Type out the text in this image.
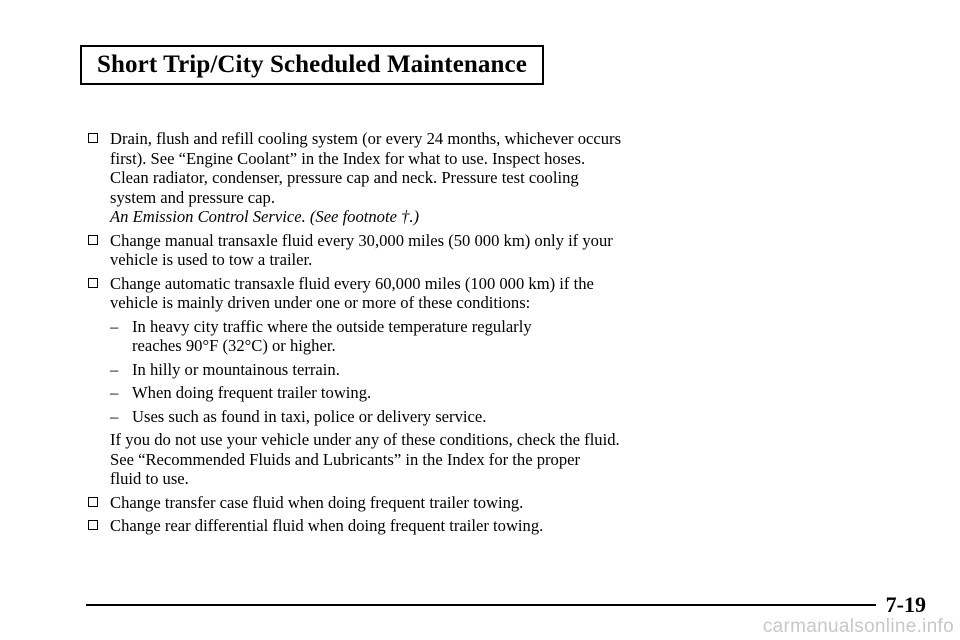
Short Trip/City Scheduled Maintenance
Drain, flush and refill cooling system (or every 24 months, whichever occurs
first). See “Engine Coolant” in the Index for what to use. Inspect hoses.
Clean radiator, condenser, pressure cap and neck. Pressure test cooling
system and pressure cap.
An Emission Control Service. (See footnote †.)
Change manual transaxle fluid every 30,000 miles (50 000 km) only if your
vehicle is used to tow a trailer.
Change automatic transaxle fluid every 60,000 miles (100 000 km) if the
vehicle is mainly driven under one or more of these conditions:
– In heavy city traffic where the outside temperature regularly
reaches 90°F (32°C) or higher.
– In hilly or mountainous terrain.
– When doing frequent trailer towing.
– Uses such as found in taxi, police or delivery service.
If you do not use your vehicle under any of these conditions, check the fluid.
See “Recommended Fluids and Lubricants” in the Index for the proper
fluid to use.
Change transfer case fluid when doing frequent trailer towing.
Change rear differential fluid when doing frequent trailer towing.
7-19
carmanualsonline.info
